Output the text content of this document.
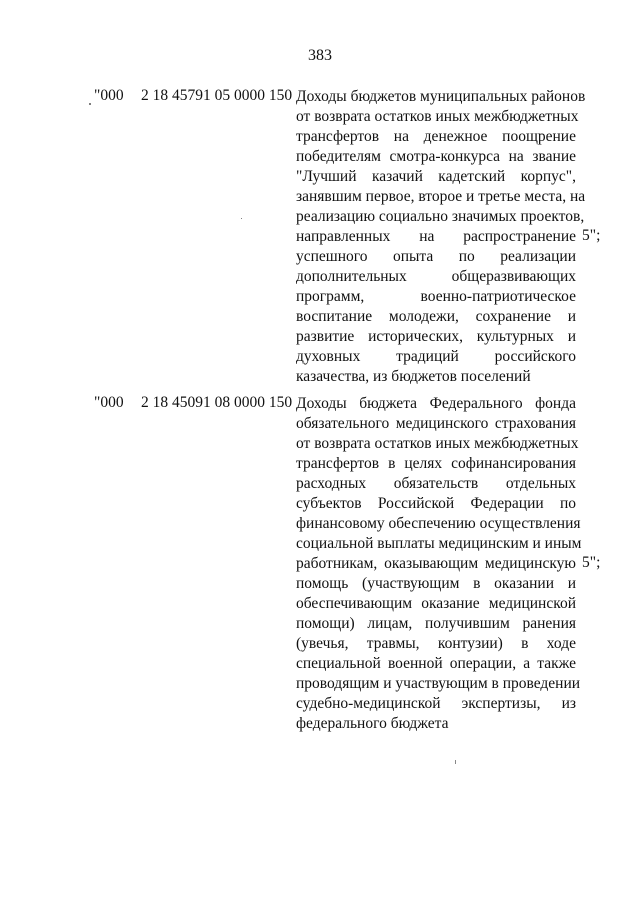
383
"000 2 18 45791 05 0000 150 Доходы бюджетов муниципальных районов
от возврата остатков иных межбюджетных
трансфертов на денежное поощрение
победителям смотра-конкурса на звание
"Лучший казачий кадетский корпус",
занявшим первое, второе и третье места, на
реализацию социально значимых проектов,
направленных на распространение
успешного опыта по реализации
дополнительных общеразвивающих
программ, военно-патриотическое
воспитание молодежи, сохранение и
развитие исторических, культурных и
духовных традиций российского
казачества, из бюджетов поселений
5";
"000 2 18 45091 08 0000 150 Доходы бюджета Федерального фонда
обязательного медицинского страхования
от возврата остатков иных межбюджетных
трансфертов в целях софинансирования
расходных обязательств отдельных
субъектов Российской Федерации по
финансовому обеспечению осуществления
социальной выплаты медицинским и иным
работникам, оказывающим медицинскую
помощь (участвующим в оказании и
обеспечивающим оказание медицинской
помощи) лицам, получившим ранения
(увечья, травмы, контузии) в ходе
специальной военной операции, а также
проводящим и участвующим в проведении
судебно-медицинской экспертизы, из
федерального бюджета
5";
